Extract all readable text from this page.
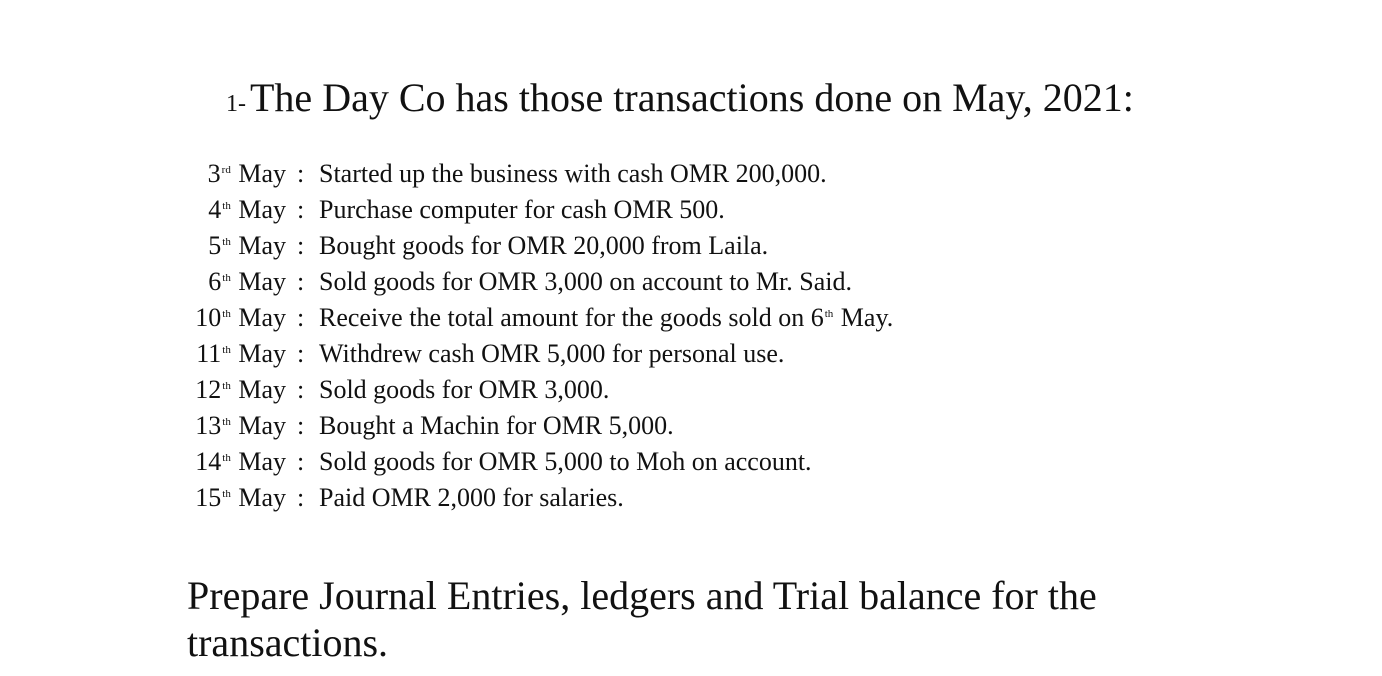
1- The Day Co has those transactions done on May, 2021:
3rd May : Started up the business with cash OMR 200,000.
4th May : Purchase computer for cash OMR 500.
5th May : Bought goods for OMR 20,000 from Laila.
6th May : Sold goods for OMR 3,000 on account to Mr. Said.
10th May : Receive the total amount for the goods sold on 6th May.
11th May : Withdrew cash OMR 5,000 for personal use.
12th May : Sold goods for OMR 3,000.
13th May : Bought a Machin for OMR 5,000.
14th May : Sold goods for OMR 5,000 to Moh on account.
15th May : Paid OMR 2,000 for salaries.
Prepare Journal Entries, ledgers and Trial balance for the transactions.
